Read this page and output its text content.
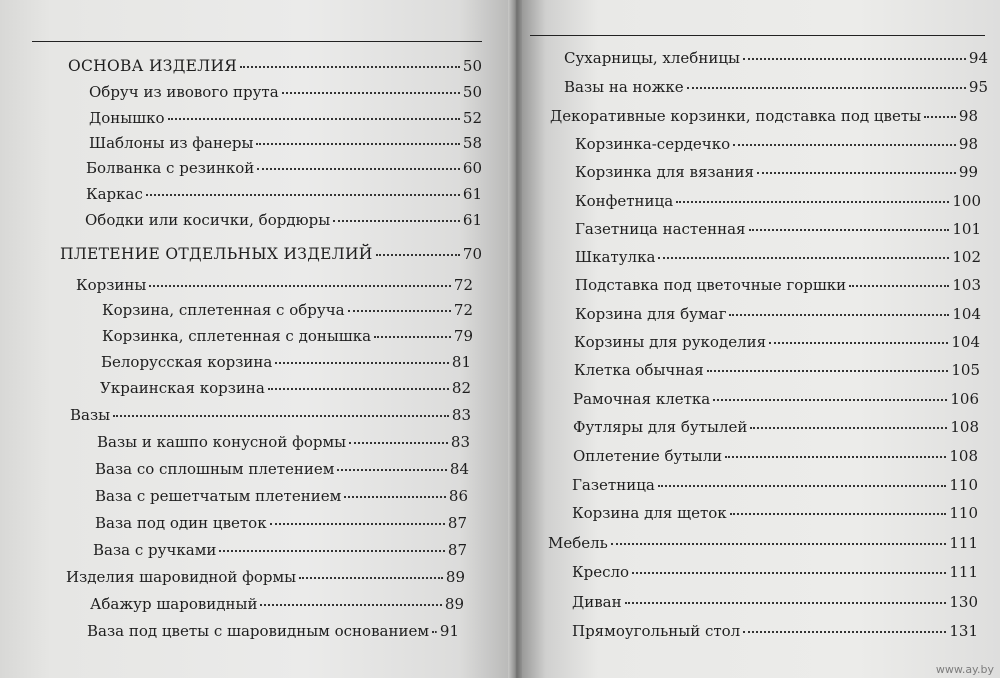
ОСНОВА ИЗДЕЛИЯ	50
Обруч из ивового прута	50
Донышко	52
Шаблоны из фанеры	58
Болванка с резинкой	60
Каркас	61
Ободки или косички, бордюры	61
ПЛЕТЕНИЕ ОТДЕЛЬНЫХ ИЗДЕЛИЙ	70
Корзины	72
Корзина, сплетенная с обруча	72
Корзинка, сплетенная с донышка	79
Белорусская корзина	81
Украинская корзина	82
Вазы	83
Вазы и кашпо конусной формы	83
Ваза со сплошным плетением	84
Ваза с решетчатым плетением	86
Ваза под один цветок	87
Ваза с ручками	87
Изделия шаровидной формы	89
Абажур шаровидный	89
Ваза под цветы с шаровидным основанием 91
Сухарницы, хлебницы	94
Вазы на ножке	95
Декоративные корзинки, подставка под цветы	98
Корзинка-сердечко	98
Корзинка для вязания	99
Конфетница	100
Газетница настенная	101
Шкатулка	102
Подставка под цветочные горшки	103
Корзина для бумаг	104
Корзины для рукоделия	104
Клетка обычная	105
Рамочная клетка	106
Футляры для бутылей	108
Оплетение бутыли	108
Газетница	110
Корзина для щеток	110
Мебель	111
Кресло	111
Диван	130
Прямоугольный стол	131
www.ay.by
